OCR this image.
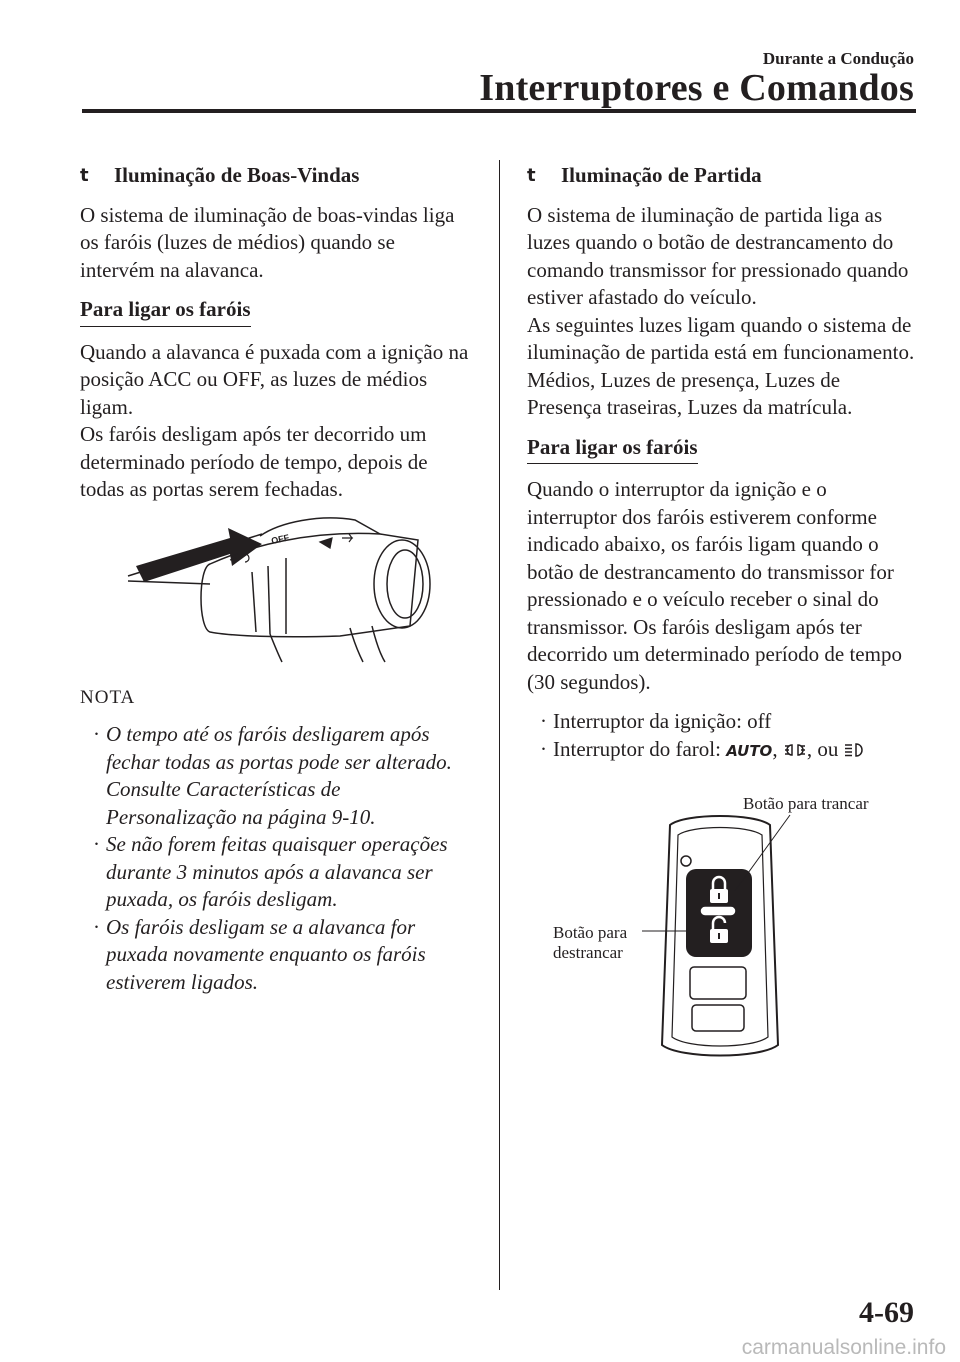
Durante a Condução
Interruptores e Comandos
t	Iluminação de Boas-Vindas

O sistema de iluminação de boas-vindas liga os faróis (luzes de médios) quando se intervém na alavanca.

Para ligar os faróis

Quando a alavanca é puxada com a ignição na posição ACC ou OFF, as luzes de médios ligam.

Os faróis desligam após ter decorrido um determinado período de tempo, depois de todas as portas serem fechadas.

OFF
NOTA
· O tempo até os faróis desligarem após fechar todas as portas pode ser alterado. Consulte Características de Personalização na página 9-10.
· Se não forem feitas quaisquer operações durante 3 minutos após a alavanca ser puxada, os faróis desligam.
· Os faróis desligam se a alavanca for puxada novamente enquanto os faróis estiverem ligados.
t	Iluminação de Partida

O sistema de iluminação de partida liga as luzes quando o botão de destrancamento do comando transmissor for pressionado quando estiver afastado do veículo.

As seguintes luzes ligam quando o sistema de iluminação de partida está em funcionamento.

Médios, Luzes de presença, Luzes de Presença traseiras, Luzes da matrícula.

Para ligar os faróis

Quando o interruptor da ignição e o interruptor dos faróis estiverem conforme indicado abaixo, os faróis ligam quando o botão de destrancamento do transmissor for pressionado e o veículo receber o sinal do transmissor. Os faróis desligam após ter decorrido um determinado período de tempo (30 segundos).

· Interruptor da ignição: off
· Interruptor do farol: AUTO, , ou
Botão para trancar
Botão para
destrancar
4-69
carmanualsonline.info
